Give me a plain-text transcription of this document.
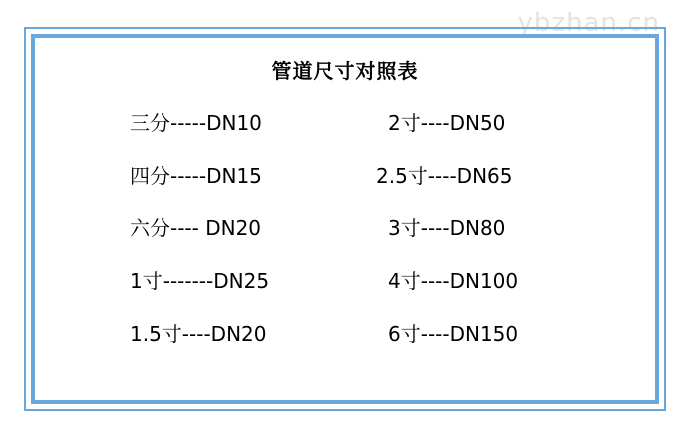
ybzhan.cn
管道尺寸对照表
三分-----DN10
四分-----DN15
六分---- DN20
1寸-------DN25
1.5寸----DN20
2寸----DN50
2.5寸----DN65
3寸----DN80
4寸----DN100
6寸----DN150
